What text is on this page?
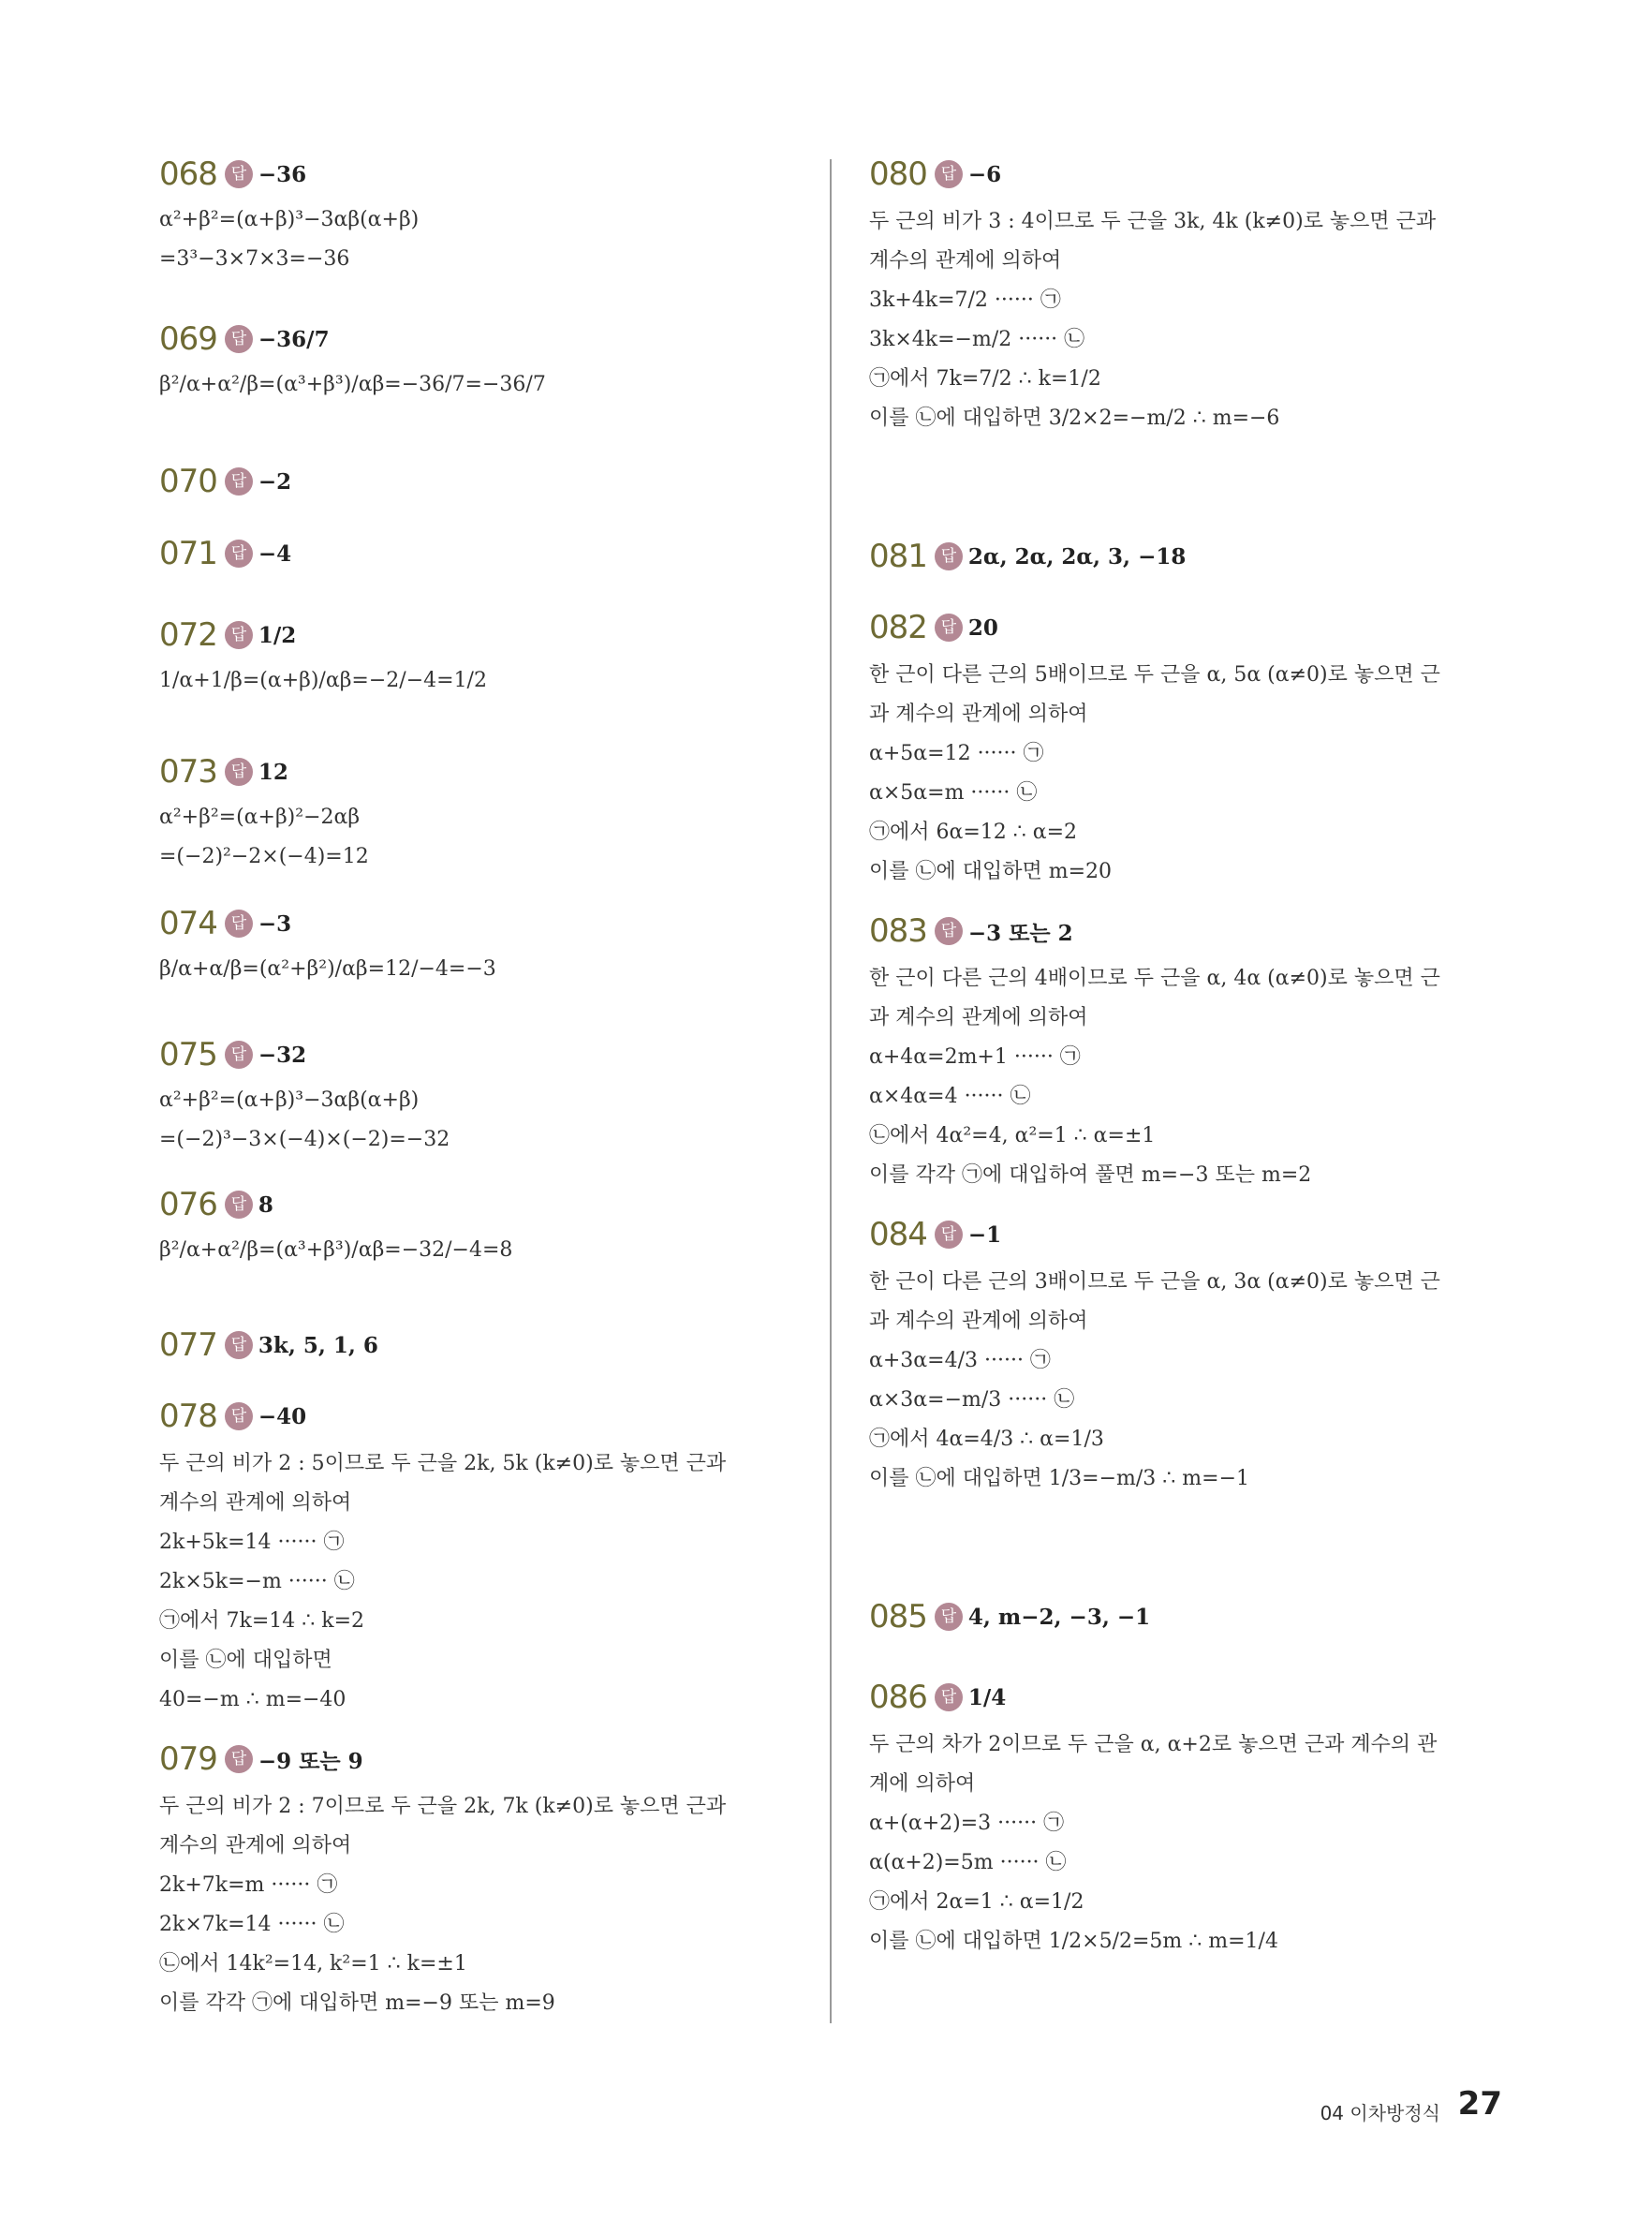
068 답 −36
α²+β²=(α+β)³−3αβ(α+β)
=3³−3×7×3=−36
069 답 −36/7
β²/α+α²/β=(α³+β³)/αβ=−36/7=−36/7
070 답 −2
071 답 −4
072 답 1/2
1/α+1/β=(α+β)/αβ=−2/−4=1/2
073 답 12
α²+β²=(α+β)²−2αβ
=(−2)²−2×(−4)=12
074 답 −3
β/α+α/β=(α²+β²)/αβ=12/−4=−3
075 답 −32
α²+β²=(α+β)³−3αβ(α+β)
=(−2)³−3×(−4)×(−2)=−32
076 답 8
β²/α+α²/β=(α³+β³)/αβ=−32/−4=8
077 답 3k, 5, 1, 6
078 답 −40
두 근의 비가 2 : 5이므로 두 근을 2k, 5k (k≠0)로 놓으면 근과
계수의 관계에 의하여
2k+5k=14 ······ ㉠
2k×5k=−m ······ ㉡
㉠에서 7k=14 ∴ k=2
이를 ㉡에 대입하면
40=−m ∴ m=−40
079 답 −9 또는 9
두 근의 비가 2 : 7이므로 두 근을 2k, 7k (k≠0)로 놓으면 근과
계수의 관계에 의하여
2k+7k=m ······ ㉠
2k×7k=14 ······ ㉡
㉡에서 14k²=14, k²=1 ∴ k=±1
이를 각각 ㉠에 대입하면 m=−9 또는 m=9
080 답 −6
두 근의 비가 3 : 4이므로 두 근을 3k, 4k (k≠0)로 놓으면 근과
계수의 관계에 의하여
3k+4k=7/2 ······ ㉠
3k×4k=−m/2 ······ ㉡
㉠에서 7k=7/2 ∴ k=1/2
이를 ㉡에 대입하면 3/2×2=−m/2 ∴ m=−6
081 답 2α, 2α, 2α, 3, −18
082 답 20
한 근이 다른 근의 5배이므로 두 근을 α, 5α (α≠0)로 놓으면 근
과 계수의 관계에 의하여
α+5α=12 ······ ㉠
α×5α=m ······ ㉡
㉠에서 6α=12 ∴ α=2
이를 ㉡에 대입하면 m=20
083 답 −3 또는 2
한 근이 다른 근의 4배이므로 두 근을 α, 4α (α≠0)로 놓으면 근
과 계수의 관계에 의하여
α+4α=2m+1 ······ ㉠
α×4α=4 ······ ㉡
㉡에서 4α²=4, α²=1 ∴ α=±1
이를 각각 ㉠에 대입하여 풀면 m=−3 또는 m=2
084 답 −1
한 근이 다른 근의 3배이므로 두 근을 α, 3α (α≠0)로 놓으면 근
과 계수의 관계에 의하여
α+3α=4/3 ······ ㉠
α×3α=−m/3 ······ ㉡
㉠에서 4α=4/3 ∴ α=1/3
이를 ㉡에 대입하면 1/3=−m/3 ∴ m=−1
085 답 4, m−2, −3, −1
086 답 1/4
두 근의 차가 2이므로 두 근을 α, α+2로 놓으면 근과 계수의 관
계에 의하여
α+(α+2)=3 ······ ㉠
α(α+2)=5m ······ ㉡
㉠에서 2α=1 ∴ α=1/2
이를 ㉡에 대입하면 1/2×5/2=5m ∴ m=1/4
04 이차방정식 27
